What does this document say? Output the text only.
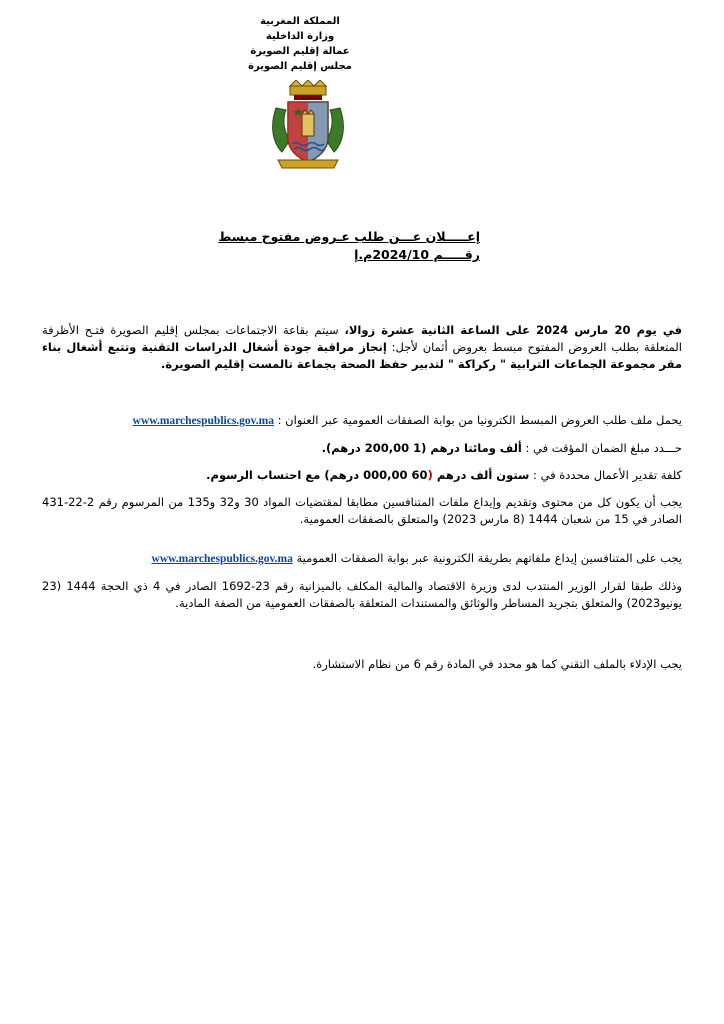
المملكة المغربية
وزارة الداخلية
عمالة إقليم الصويرة
مجلس إقليم الصويرة
إعـــــلان عـــن طلب عـروض مفتوح مبسط
رقـــــم 2024/10م.إ
في يوم 20 مارس 2024 على الساعة الثانية عشرة زوالا، سيتم بقاعة الاجتماعات بمجلس إقليم الصويرة فتـح الأظرفة المتعلقة بطلب العروض المفتوح مبسط بعروض أثمان لأجل: إنجاز مراقبة جودة أشغال الدراسات التقنية وتتبع أشغال بناء مقر مجموعة الجماعات الترابية " ركراكة " لتدبير حفظ الصحة بجماعة تالمست إقليم الصويرة.
يحمل ملف طلب العروض المبسط الكترونيا من بوابة الصفقات العمومية عبر العنوان : www.marchespublics.gov.ma
حـــدد مبلغ الضمان المؤقت في : ألف ومائتا درهم (1 200,00 درهم).
كلفة تقدير الأعمال محددة في : ستون ألف درهم (60 000,00 درهم) مع احتساب الرسوم.
يجب أن يكون كل من محتوى وتقديم وإيداع ملفات المتنافسين مطابقا لمقتضيات المواد 30 و32 و135 من المرسوم رقم 2-22-431 الصادر في 15 من شعبان 1444 (8 مارس 2023) والمتعلق بالصفقات العمومية.
يجب على المتنافسين إيداع ملفاتهم بطريقة الكترونية عبر بوابة الصفقات العمومية www.marchespublics.gov.ma
وذلك طبقا لقرار الوزير المنتدب لدى وزيرة الاقتصاد والمالية المكلف بالميزانية رقم 23-1692 الصادر في 4 ذي الحجة 1444 (23 يونيو2023) والمتعلق بتجريد المساطر والوثائق والمستندات المتعلقة بالصفقات العمومية من الصفة المادية.
يجب الإدلاء بالملف التقني كما هو محدد في المادة رقم 6 من نظام الاستشارة.
